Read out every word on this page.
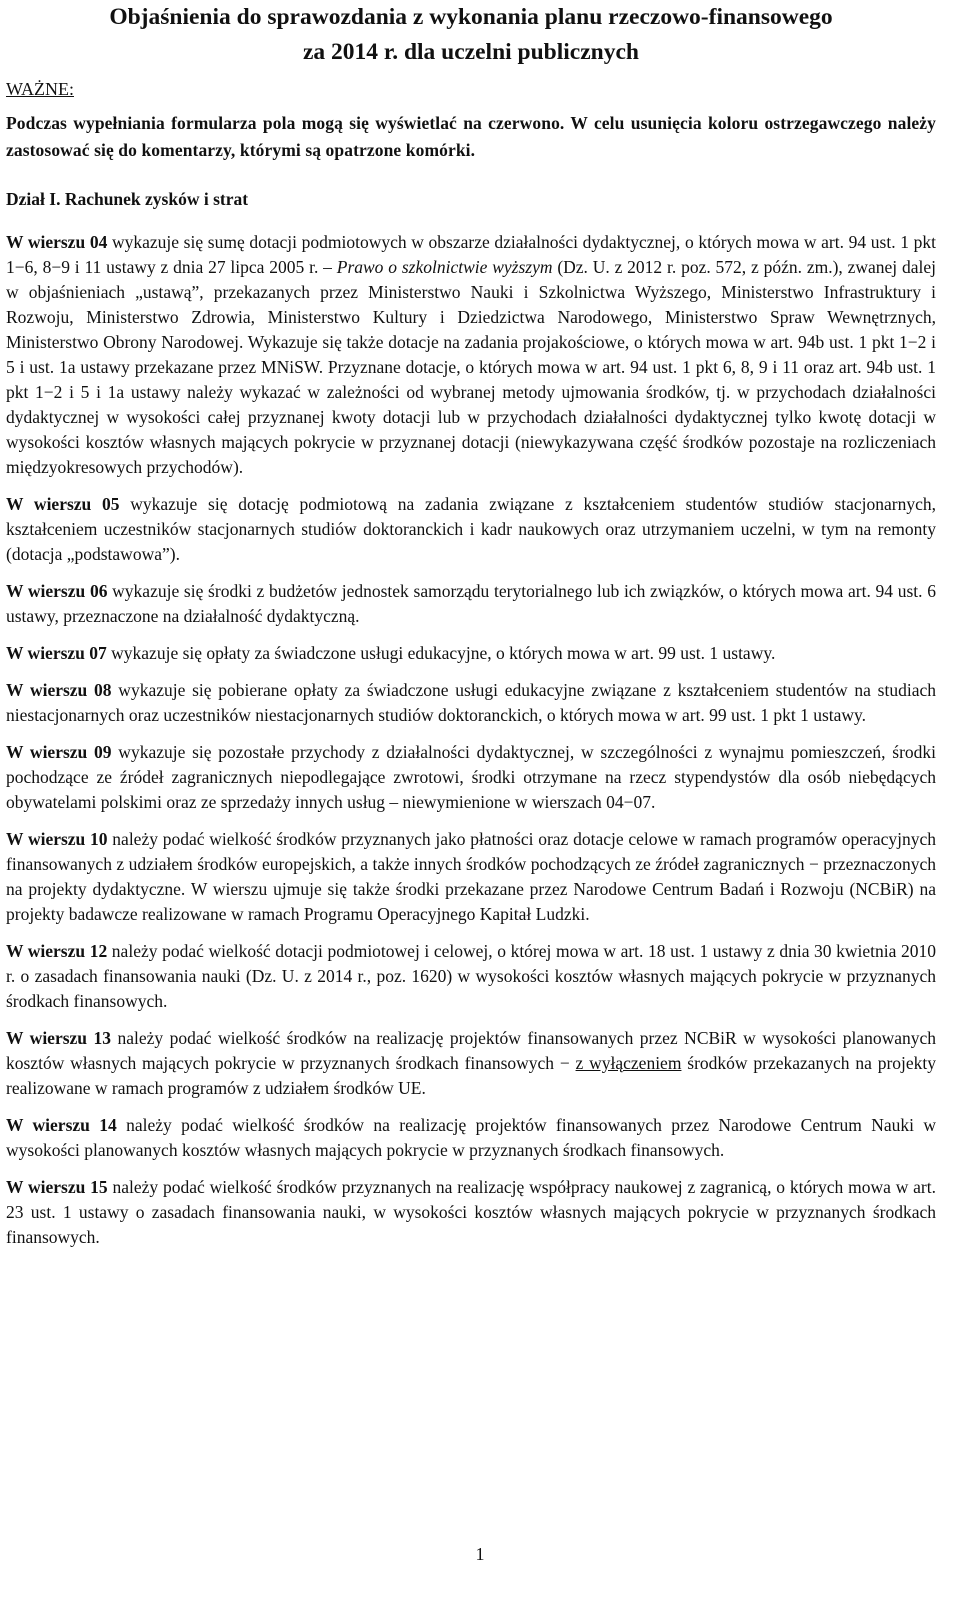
Objaśnienia do sprawozdania z wykonania planu rzeczowo-finansowego
za 2014 r. dla uczelni publicznych
WAŻNE:
Podczas wypełniania formularza pola mogą się wyświetlać na czerwono. W celu usunięcia koloru ostrzegawczego należy zastosować się do komentarzy, którymi są opatrzone komórki.
Dział I. Rachunek zysków i strat

W wierszu 04 wykazuje się sumę dotacji podmiotowych w obszarze działalności dydaktycznej, o których mowa w art. 94 ust. 1 pkt 1−6, 8−9 i 11 ustawy z dnia 27 lipca 2005 r. – Prawo o szkolnictwie wyższym (Dz. U. z 2012 r. poz. 572, z późn. zm.), zwanej dalej w objaśnieniach „ustawą”, przekazanych przez Ministerstwo Nauki i Szkolnictwa Wyższego, Ministerstwo Infrastruktury i Rozwoju, Ministerstwo Zdrowia, Ministerstwo Kultury i Dziedzictwa Narodowego, Ministerstwo Spraw Wewnętrznych, Ministerstwo Obrony Narodowej. Wykazuje się także dotacje na zadania projakościowe, o których mowa w art. 94b ust. 1 pkt 1−2 i 5 i ust. 1a ustawy przekazane przez MNiSW. Przyznane dotacje, o których mowa w art. 94 ust. 1 pkt 6, 8, 9 i 11 oraz art. 94b ust. 1 pkt 1−2 i 5 i 1a ustawy należy wykazać w zależności od wybranej metody ujmowania środków, tj. w przychodach działalności dydaktycznej w wysokości całej przyznanej kwoty dotacji lub w przychodach działalności dydaktycznej tylko kwotę dotacji w wysokości kosztów własnych mających pokrycie w przyznanej dotacji (niewykazywana część środków pozostaje na rozliczeniach międzyokresowych przychodów).

W wierszu 05 wykazuje się dotację podmiotową na zadania związane z kształceniem studentów studiów stacjonarnych, kształceniem uczestników stacjonarnych studiów doktoranckich i kadr naukowych oraz utrzymaniem uczelni, w tym na remonty (dotacja „podstawowa”).

W wierszu 06 wykazuje się środki z budżetów jednostek samorządu terytorialnego lub ich związków, o których mowa art. 94 ust. 6 ustawy, przeznaczone na działalność dydaktyczną.

W wierszu 07 wykazuje się opłaty za świadczone usługi edukacyjne, o których mowa w art. 99 ust. 1 ustawy.

W wierszu 08 wykazuje się pobierane opłaty za świadczone usługi edukacyjne związane z kształceniem studentów na studiach niestacjonarnych oraz uczestników niestacjonarnych studiów doktoranckich, o których mowa w art. 99 ust. 1 pkt 1 ustawy.

W wierszu 09 wykazuje się pozostałe przychody z działalności dydaktycznej, w szczególności z wynajmu pomieszczeń, środki pochodzące ze źródeł zagranicznych niepodlegające zwrotowi, środki otrzymane na rzecz stypendystów dla osób niebędących obywatelami polskimi oraz ze sprzedaży innych usług – niewymienione w wierszach 04−07.

W wierszu 10 należy podać wielkość środków przyznanych jako płatności oraz dotacje celowe w ramach programów operacyjnych finansowanych z udziałem środków europejskich, a także innych środków pochodzących ze źródeł zagranicznych − przeznaczonych na projekty dydaktyczne. W wierszu ujmuje się także środki przekazane przez Narodowe Centrum Badań i Rozwoju (NCBiR) na projekty badawcze realizowane w ramach Programu Operacyjnego Kapitał Ludzki.

W wierszu 12 należy podać wielkość dotacji podmiotowej i celowej, o której mowa w art. 18 ust. 1 ustawy z dnia 30 kwietnia 2010 r. o zasadach finansowania nauki (Dz. U. z 2014 r., poz. 1620) w wysokości kosztów własnych mających pokrycie w przyznanych środkach finansowych.

W wierszu 13 należy podać wielkość środków na realizację projektów finansowanych przez NCBiR w wysokości planowanych kosztów własnych mających pokrycie w przyznanych środkach finansowych − z wyłączeniem środków przekazanych na projekty realizowane w ramach programów z udziałem środków UE.

W wierszu 14 należy podać wielkość środków na realizację projektów finansowanych przez Narodowe Centrum Nauki w wysokości planowanych kosztów własnych mających pokrycie w przyznanych środkach finansowych.

W wierszu 15 należy podać wielkość środków przyznanych na realizację współpracy naukowej z zagranicą, o których mowa w art. 23 ust. 1 ustawy o zasadach finansowania nauki, w wysokości kosztów własnych mających pokrycie w przyznanych środkach finansowych.

1
